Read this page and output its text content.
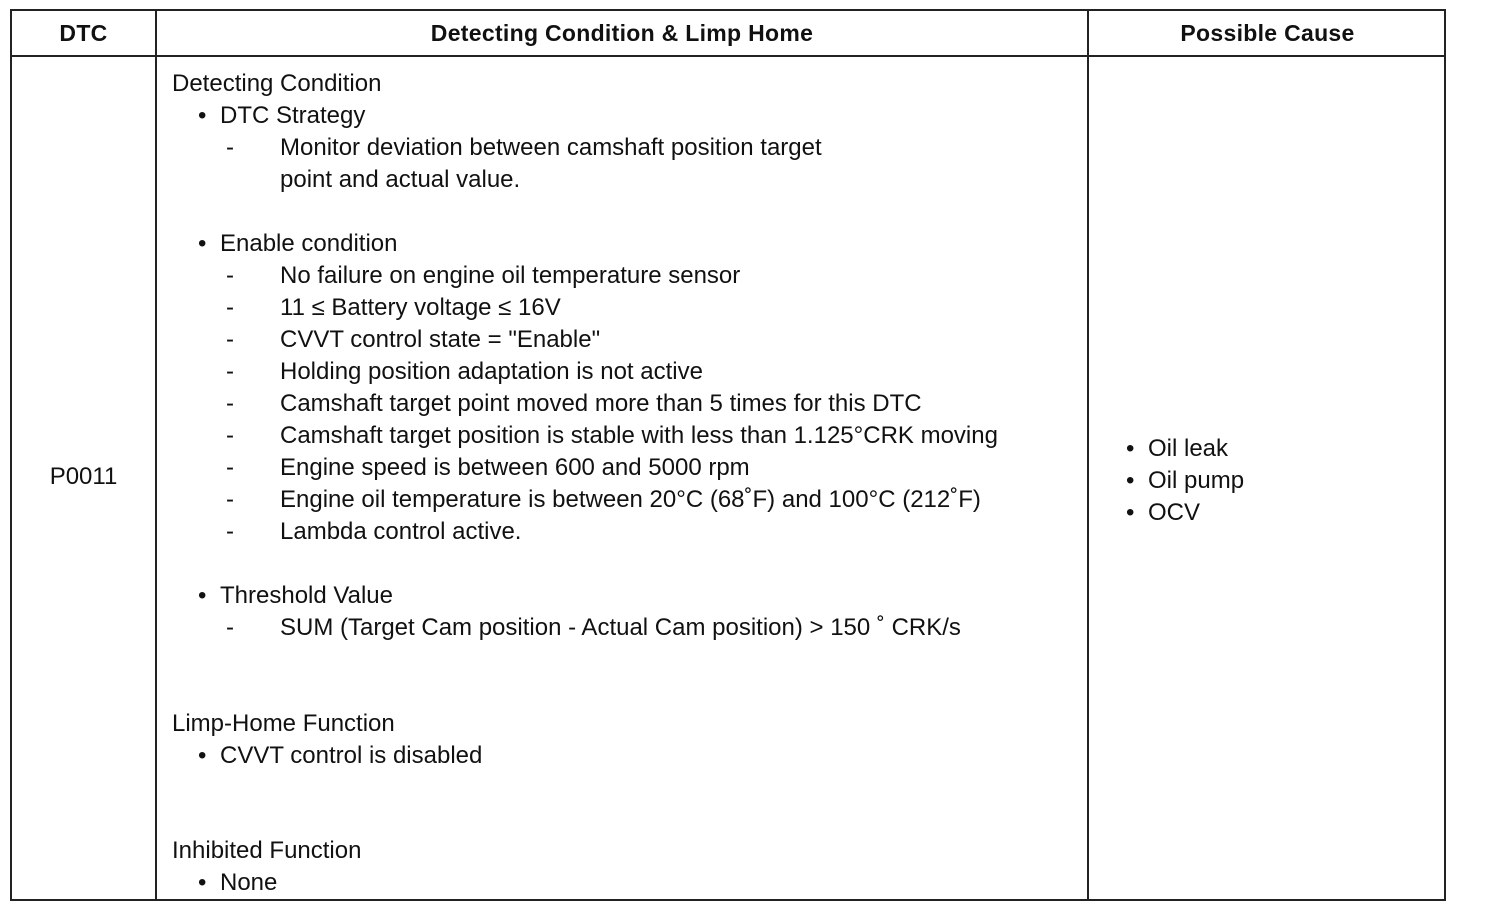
DTC	Detecting Condition & Limp Home	Possible Cause
P0011
Detecting Condition
• DTC Strategy
- Monitor deviation between camshaft position target
point and actual value.
• Enable condition
- No failure on engine oil temperature sensor
- 11 ≤ Battery voltage ≤ 16V
- CVVT control state = "Enable"
- Holding position adaptation is not active
- Camshaft target point moved more than 5 times for this DTC
- Camshaft target position is stable with less than 1.125°CRK moving
- Engine speed is between 600 and 5000 rpm
- Engine oil temperature is between 20°C (68˚F) and 100°C (212˚F)
- Lambda control active.
• Threshold Value
- SUM (Target Cam position - Actual Cam position) > 150 ˚ CRK/s
Limp-Home Function
• CVVT control is disabled
Inhibited Function
• None
• Oil leak
• Oil pump
• OCV
